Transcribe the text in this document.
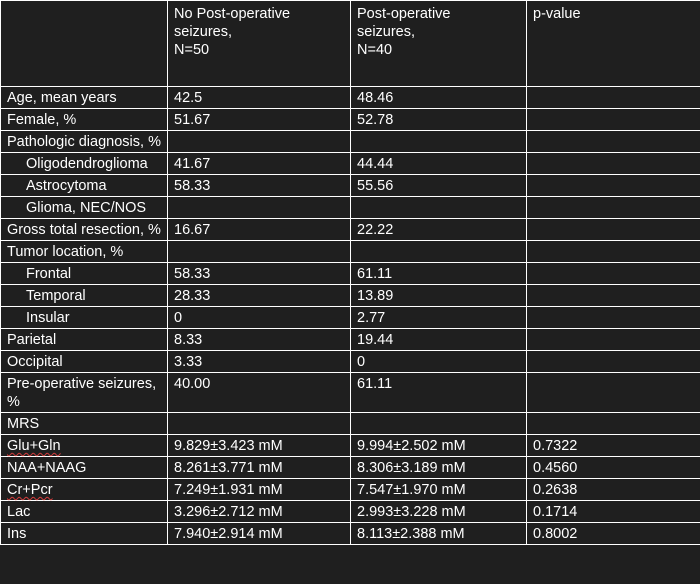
	No Post-operative
seizures,
N=50	Post-operative
seizures,
N=40	p-value

Age, mean years	42.5	48.46	
Female, %	51.67	52.78	
Pathologic diagnosis, %			
Oligodendroglioma	41.67	44.44	
Astrocytoma	58.33	55.56	
Glioma, NEC/NOS			
Gross total resection, %	16.67	22.22	
Tumor location, %			
Frontal	58.33	61.11	
Temporal	28.33	13.89	
Insular	0	2.77	
Parietal	8.33	19.44	
Occipital	3.33	0	
Pre-operative seizures, %	40.00	61.11	
MRS			
Glu+Gln	9.829±3.423 mM	9.994±2.502 mM	0.7322
NAA+NAAG	8.261±3.771 mM	8.306±3.189 mM	0.4560
Cr+Pcr	7.249±1.931 mM	7.547±1.970 mM	0.2638
Lac	3.296±2.712 mM	2.993±3.228 mM	0.1714
Ins	7.940±2.914 mM	8.113±2.388 mM	0.8002
